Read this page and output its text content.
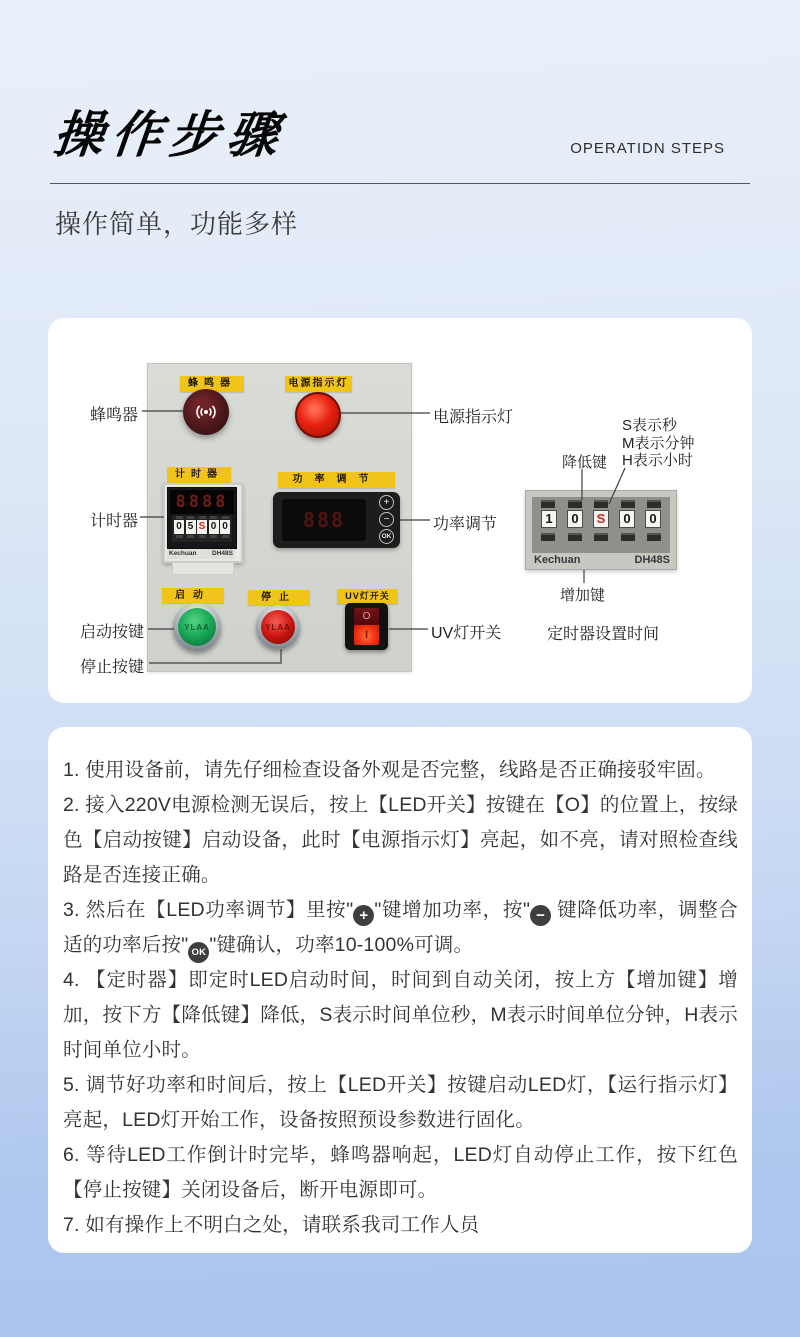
操作步骤	OPERATIDN STEPS
操作简单，功能多样
蜂鸣器	电源指示灯
计时器	功率调节
启动	停止	UV灯开关
8888
0 5 S 0 0
Kechuan DH48S
888
+
−
OK
YLAA	YLAA
O
I
蜂鸣器
计时器
启动按键
停止按键
电源指示灯
功率调节
UV灯开关
1	0	S	0	0
Kechuan	DH48S
降低键
S表示秒
M表示分钟
H表示小时
增加键
定时器设置时间

1. 使用设备前，请先仔细检查设备外观是否完整，线路是否正确接驳牢固。

2. 接入220V电源检测无误后，按上【LED开关】按键在【O】的位置上，按绿色【启动按键】启动设备，此时【电源指示灯】亮起，如不亮，请对照检查线路是否连接正确。

3. 然后在【LED功率调节】里按" + "键增加功率，按" − 键降低功率，调整合适的功率后按" OK "键确认，功率10-100%可调。

4. 【定时器】即定时LED启动时间，时间到自动关闭，按上方【增加键】增加，按下方【降低键】降低，S表示时间单位秒，M表示时间单位分钟，H表示时间单位小时。

5. 调节好功率和时间后，按上【LED开关】按键启动LED灯，【运行指示灯】亮起，LED灯开始工作，设备按照预设参数进行固化。

6. 等待LED工作倒计时完毕，蜂鸣器响起，LED灯自动停止工作，按下红色【停止按键】关闭设备后，断开电源即可。

7. 如有操作上不明白之处，请联系我司工作人员
